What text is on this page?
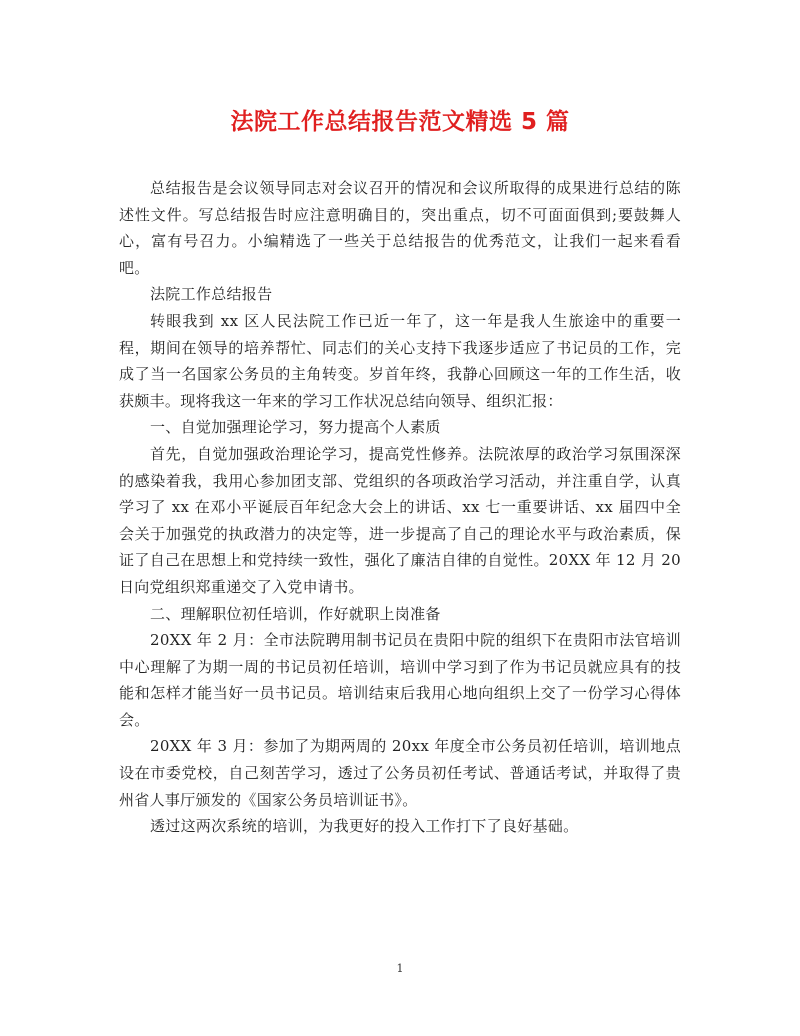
法院工作总结报告范文精选 5 篇

总结报告是会议领导同志对会议召开的情况和会议所取得的成果进行总结的陈述性文件。写总结报告时应注意明确目的，突出重点，切不可面面俱到;要鼓舞人心，富有号召力。小编精选了一些关于总结报告的优秀范文，让我们一起来看看吧。

法院工作总结报告

转眼我到 xx 区人民法院工作已近一年了，这一年是我人生旅途中的重要一程，期间在领导的培养帮忙、同志们的关心支持下我逐步适应了书记员的工作，完成了当一名国家公务员的主角转变。岁首年终，我静心回顾这一年的工作生活，收获颇丰。现将我这一年来的学习工作状况总结向领导、组织汇报：

一、自觉加强理论学习，努力提高个人素质

首先，自觉加强政治理论学习，提高党性修养。法院浓厚的政治学习氛围深深的感染着我，我用心参加团支部、党组织的各项政治学习活动，并注重自学，认真学习了 xx 在邓小平诞辰百年纪念大会上的讲话、xx 七一重要讲话、xx 届四中全会关于加强党的执政潜力的决定等，进一步提高了自己的理论水平与政治素质，保证了自己在思想上和党持续一致性，强化了廉洁自律的自觉性。20XX 年 12 月 20 日向党组织郑重递交了入党申请书。

二、理解职位初任培训，作好就职上岗准备

20XX 年 2 月：全市法院聘用制书记员在贵阳中院的组织下在贵阳市法官培训中心理解了为期一周的书记员初任培训，培训中学习到了作为书记员就应具有的技能和怎样才能当好一员书记员。培训结束后我用心地向组织上交了一份学习心得体会。

20XX 年 3 月：参加了为期两周的 20xx 年度全市公务员初任培训，培训地点设在市委党校，自己刻苦学习，透过了公务员初任考试、普通话考试，并取得了贵州省人事厅颁发的《国家公务员培训证书》。

透过这两次系统的培训，为我更好的投入工作打下了良好基础。

1
